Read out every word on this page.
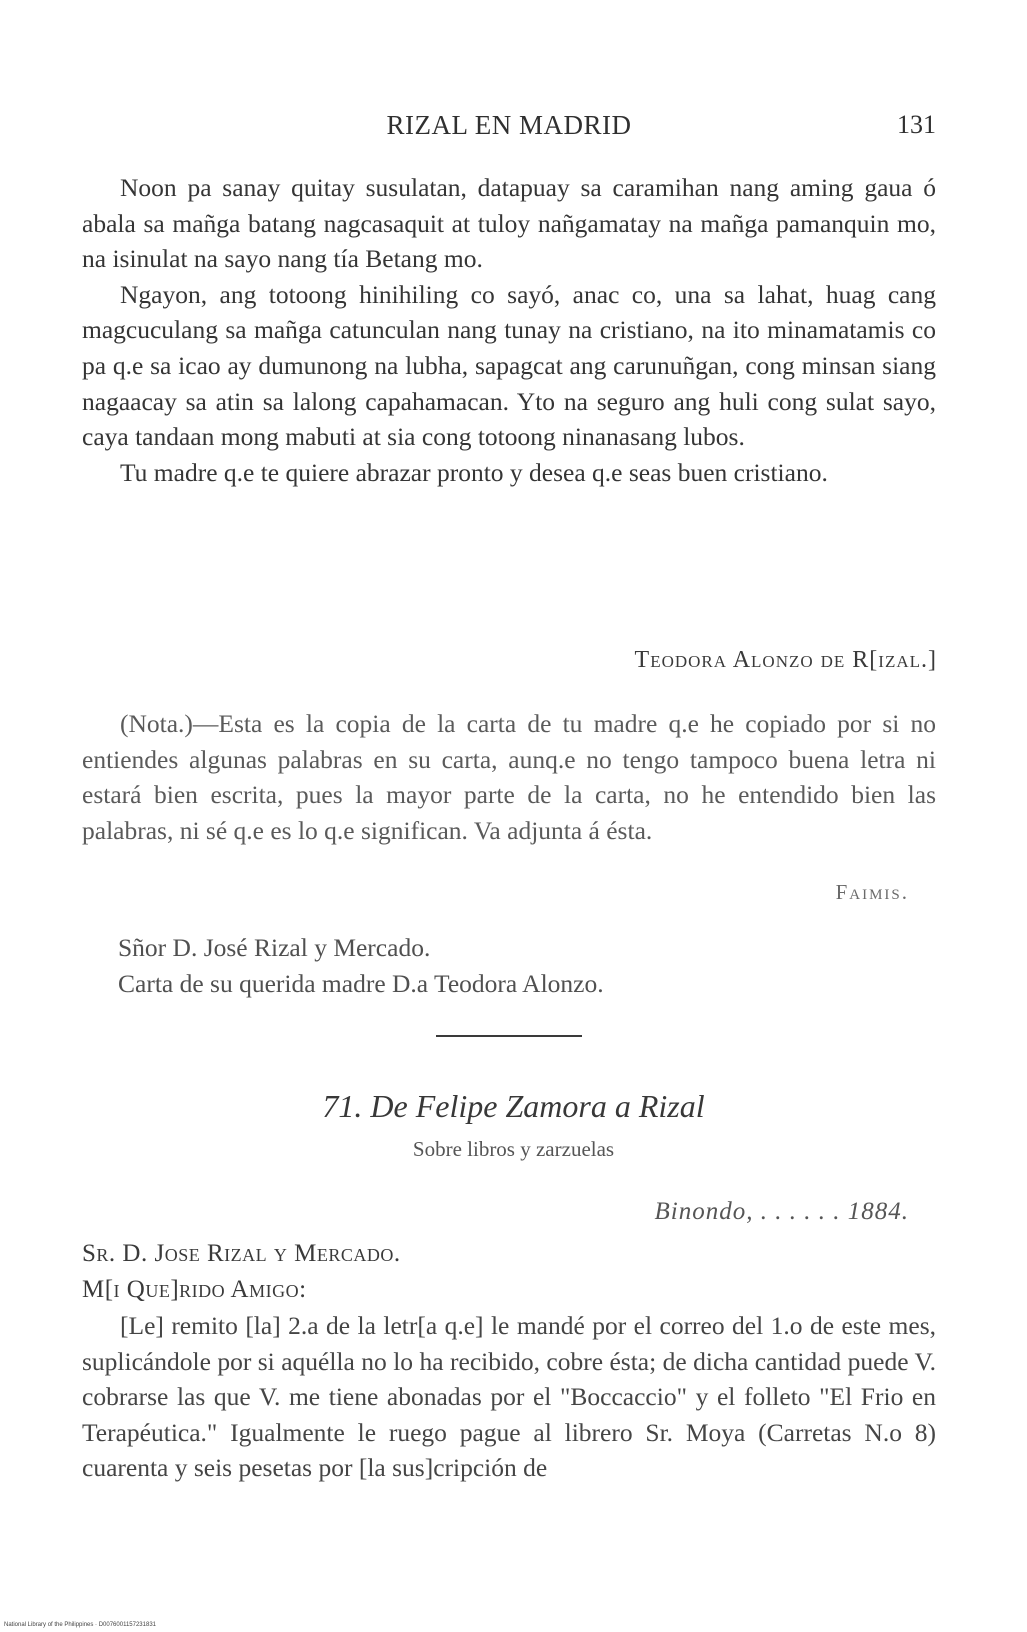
RIZAL EN MADRID	131

Noon pa sanay quitay susulatan, datapuay sa caramihan nang aming gaua ó abala sa mañga batang nagcasaquit at tuloy nañgamatay na mañga pamanquin mo, na isinulat na sayo nang tía Betang mo.

Ngayon, ang totoong hinihiling co sayó, anac co, una sa lahat, huag cang magcuculang sa mañga catunculan nang tunay na cristiano, na ito minamatamis co pa q.e sa icao ay dumunong na lubha, sapagcat ang carunuñgan, cong minsan siang nagaacay sa atin sa lalong capahamacan. Yto na seguro ang huli cong sulat sayo, caya tandaan mong mabuti at sia cong totoong ninanasang lubos.

Tu madre q.e te quiere abrazar pronto y desea q.e seas buen cristiano.

Teodora Alonzo de R[izal.]

(Nota.)—Esta es la copia de la carta de tu madre q.e he copiado por si no entiendes algunas palabras en su carta, aunq.e no tengo tampoco buena letra ni estará bien escrita, pues la mayor parte de la carta, no he entendido bien las palabras, ni sé q.e es lo q.e significan. Va adjunta á ésta.

Faimis.
Sñor D. José Rizal y Mercado.
Carta de su querida madre D.a Teodora Alonzo.
71. De Felipe Zamora a Rizal
Sobre libros y zarzuelas
Binondo, . . . . . . 1884.
Sr. D. Jose Rizal y Mercado.
M[i Que]rido Amigo:

[Le] remito [la] 2.a de la letr[a q.e] le mandé por el correo del 1.o de este mes, suplicándole por si aquélla no lo ha recibido, cobre ésta; de dicha cantidad puede V. cobrarse las que V. me tiene abonadas por el "Boccaccio" y el folleto "El Frio en Terapéutica." Igualmente le ruego pague al librero Sr. Moya (Carretas N.o 8) cuarenta y seis pesetas por [la sus]cripción de

National Library of the Philippines · D0076001157231831
